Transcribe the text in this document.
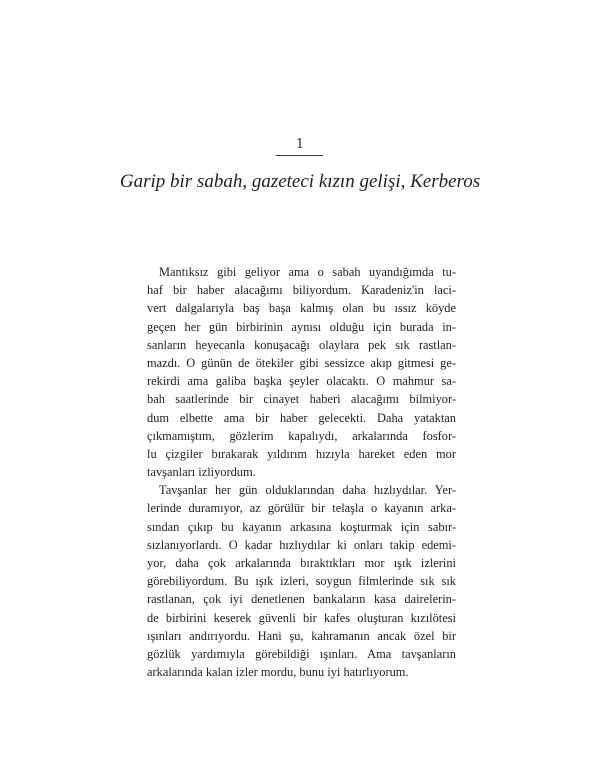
1
Garip bir sabah, gazeteci kızın gelişi, Kerberos
Mantıksız gibi geliyor ama o sabah uyandığımda tu-
haf bir haber alacağımı biliyordum. Karadeniz'in laci-
vert dalgalarıyla baş başa kalmış olan bu ıssız köyde
geçen her gün birbirinin aynısı olduğu için burada in-
sanların heyecanla konuşacağı olaylara pek sık rastlan-
mazdı. O günün de ötekiler gibi sessizce akıp gitmesi ge-
rekirdi ama galiba başka şeyler olacaktı. O mahmur sa-
bah saatlerinde bir cinayet haberi alacağımı bilmiyor-
dum elbette ama bir haber gelecekti. Daha yataktan
çıkmamıştım, gözlerim kapalıydı, arkalarında fosfor-
lu çizgiler bırakarak yıldırım hızıyla hareket eden mor
tavşanları izliyordum.
Tavşanlar her gün olduklarından daha hızlıydılar. Yer-
lerinde duramıyor, az görülür bir telaşla o kayanın arka-
sından çıkıp bu kayanın arkasına koşturmak için sabır-
sızlanıyorlardı. O kadar hızlıydılar ki onları takip edemi-
yor, daha çok arkalarında bıraktıkları mor ışık izlerini
görebiliyordum. Bu ışık izleri, soygun filmlerinde sık sık
rastlanan, çok iyi denetlenen bankaların kasa dairelerin-
de birbirini keserek güvenli bir kafes oluşturan kızılötesi
ışınları andırıyordu. Hani şu, kahramanın ancak özel bir
gözlük yardımıyla görebildiği ışınları. Ama tavşanların
arkalarında kalan izler mordu, bunu iyi hatırlıyorum.
